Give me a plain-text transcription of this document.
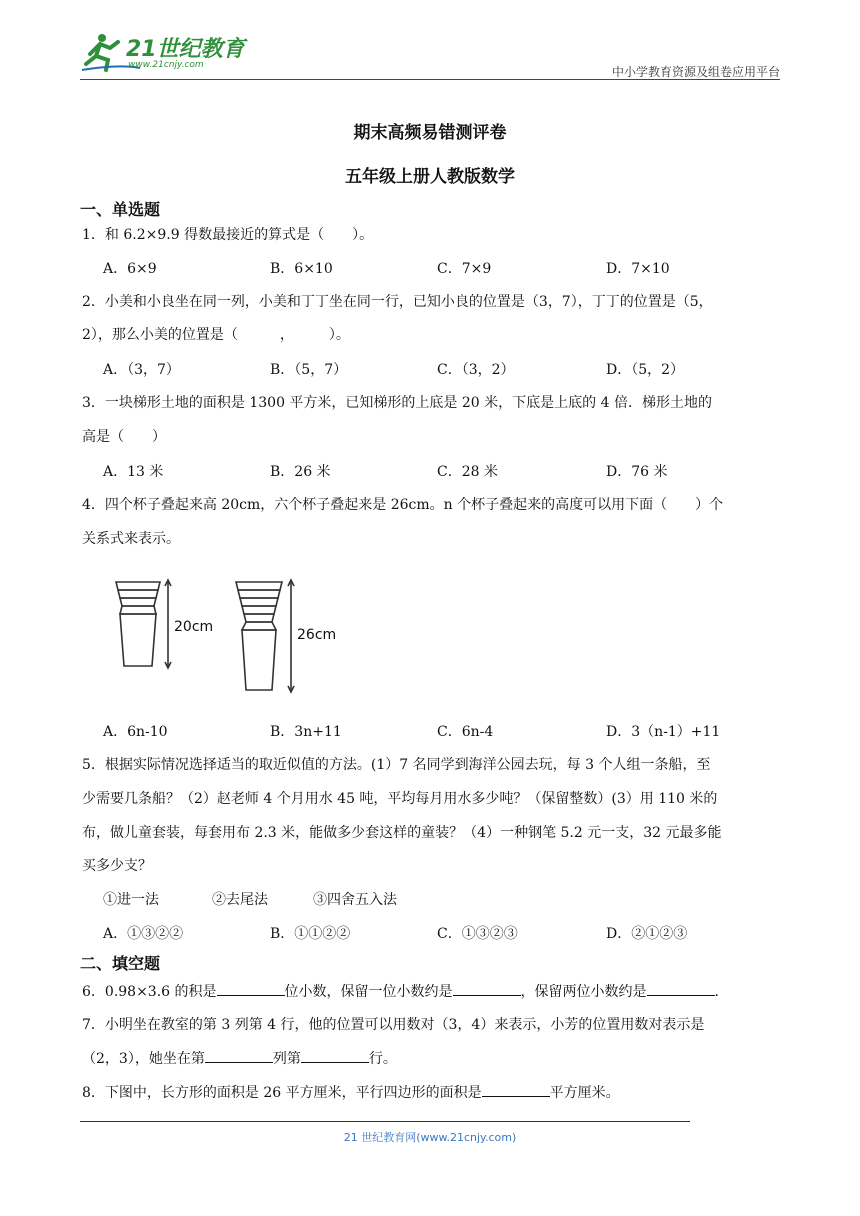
21世纪教育
www.21cnjy.com	中小学教育资源及组卷应用平台
期末高频易错测评卷
五年级上册人教版数学
一、单选题
1．和 6.2×9.9 得数最接近的算式是（　　）。
A．6×9	B．6×10	C．7×9	D．7×10
2．小美和小良坐在同一列，小美和丁丁坐在同一行，已知小良的位置是（3，7），丁丁的位置是（5，
2），那么小美的位置是（　　　，　　　）。
A．（3，7）	B．（5，7）	C．（3，2）	D．（5，2）
3．一块梯形土地的面积是 1300 平方米，已知梯形的上底是 20 米，下底是上底的 4 倍．梯形土地的
高是（　　）
A．13 米	B．26 米	C．28 米	D．76 米
4．四个杯子叠起来高 20cm，六个杯子叠起来是 26cm。n 个杯子叠起来的高度可以用下面（　　）个
关系式来表示。
20cm	26cm
A．6n-10	B．3n+11	C．6n-4	D．3（n-1）+11
5．根据实际情况选择适当的取近似值的方法。(1）7 名同学到海洋公园去玩，每 3 个人组一条船，至
少需要几条船？（2）赵老师 4 个月用水 45 吨，平均每月用水多少吨？（保留整数）(3）用 110 米的
布，做儿童套装，每套用布 2.3 米，能做多少套这样的童装？（4）一种钢笔 5.2 元一支，32 元最多能
买多少支？
①进一法	②去尾法	③四舍五入法
A．①③②②	B．①①②②	C．①③②③	D．②①②③
二、填空题
6．0.98×3.6 的积是	位小数，保留一位小数约是	，保留两位小数约是	.
7．小明坐在教室的第 3 列第 4 行，他的位置可以用数对（3，4）来表示，小芳的位置用数对表示是
（2，3），她坐在第	列第	行。
8．下图中，长方形的面积是 26 平方厘米，平行四边形的面积是	平方厘米。
21 世纪教育网(www.21cnjy.com)
